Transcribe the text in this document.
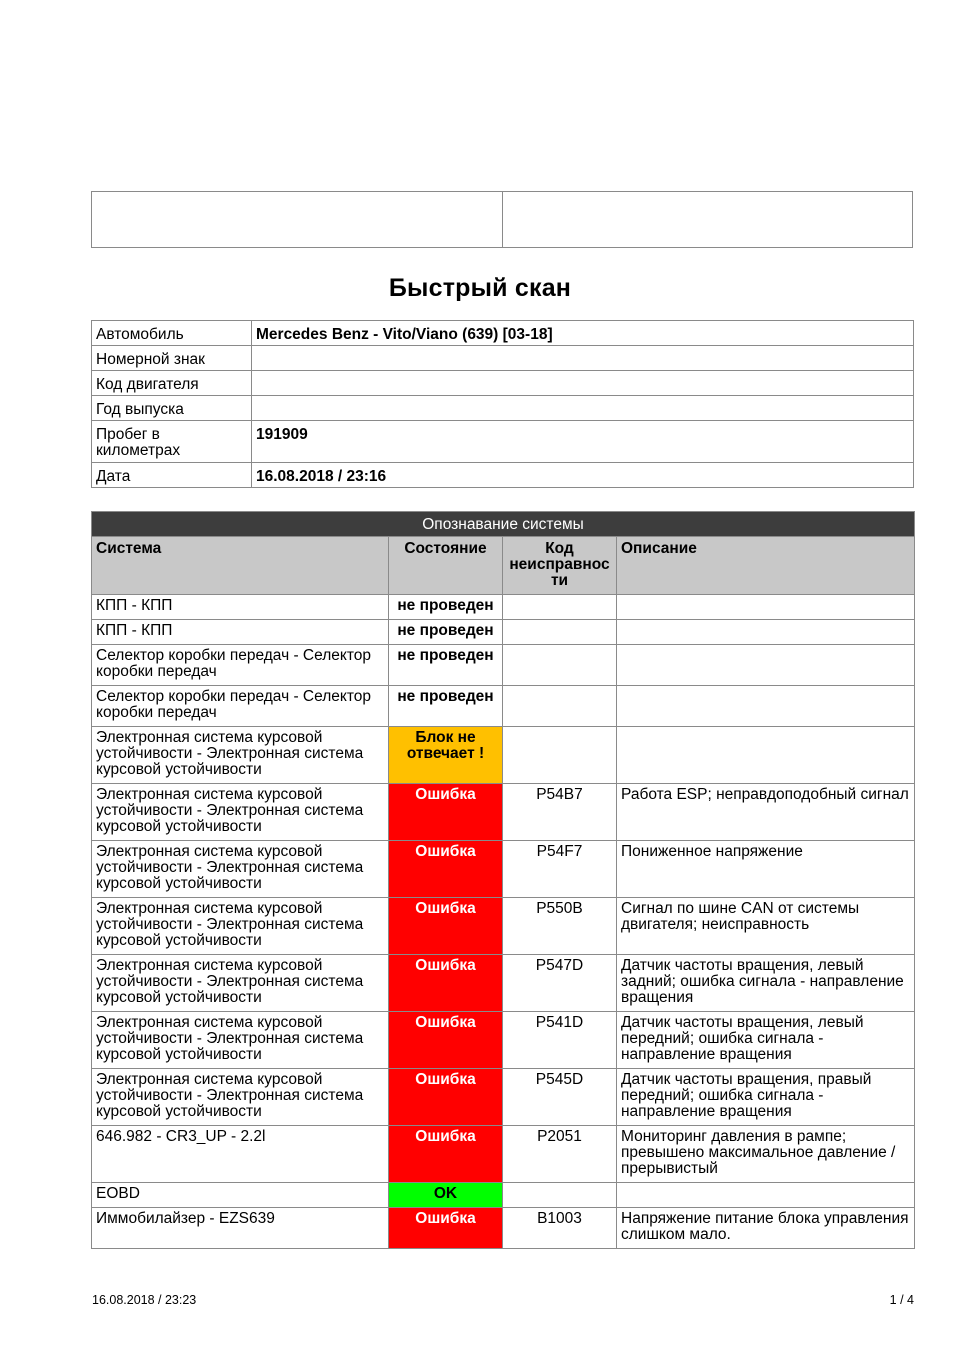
Быстрый скан
Автомобиль	Mercedes Benz - Vito/Viano (639) [03-18]
Номерной знак	
Код двигателя	
Год выпуска	
Пробег в километрах	191909
Дата	16.08.2018 / 23:16
Опознавание системы			
Система	Состояние	Код неисправнос ти	Описание
КПП - КПП	не проведен		
КПП - КПП	не проведен		
Селектор коробки передач - Селектор коробки передач	не проведен		
Селектор коробки передач - Селектор коробки передач	не проведен		
Электронная система курсовой устойчивости - Электронная система курсовой устойчивости	Блок не отвечает !		
Электронная система курсовой устойчивости - Электронная система курсовой устойчивости	Ошибка	P54B7	Работа ESP; неправдоподобный сигнал
Электронная система курсовой устойчивости - Электронная система курсовой устойчивости	Ошибка	P54F7	Пониженное напряжение
Электронная система курсовой устойчивости - Электронная система курсовой устойчивости	Ошибка	P550B	Сигнал по шине CAN от системы двигателя; неисправность
Электронная система курсовой устойчивости - Электронная система курсовой устойчивости	Ошибка	P547D	Датчик частоты вращения, левый задний; ошибка сигнала - направление вращения
Электронная система курсовой устойчивости - Электронная система курсовой устойчивости	Ошибка	P541D	Датчик частоты вращения, левый передний; ошибка сигнала - направление вращения
Электронная система курсовой устойчивости - Электронная система курсовой устойчивости	Ошибка	P545D	Датчик частоты вращения, правый передний; ошибка сигнала - направление вращения
646.982 - CR3_UP - 2.2l	Ошибка	P2051	Мониторинг давления в рампе; превышено максимальное давление / прерывистый
EOBD	OK		
Иммобилайзер - EZS639	Ошибка	B1003	Напряжение питание блока управления слишком мало.
16.08.2018 / 23:23	1 / 4
